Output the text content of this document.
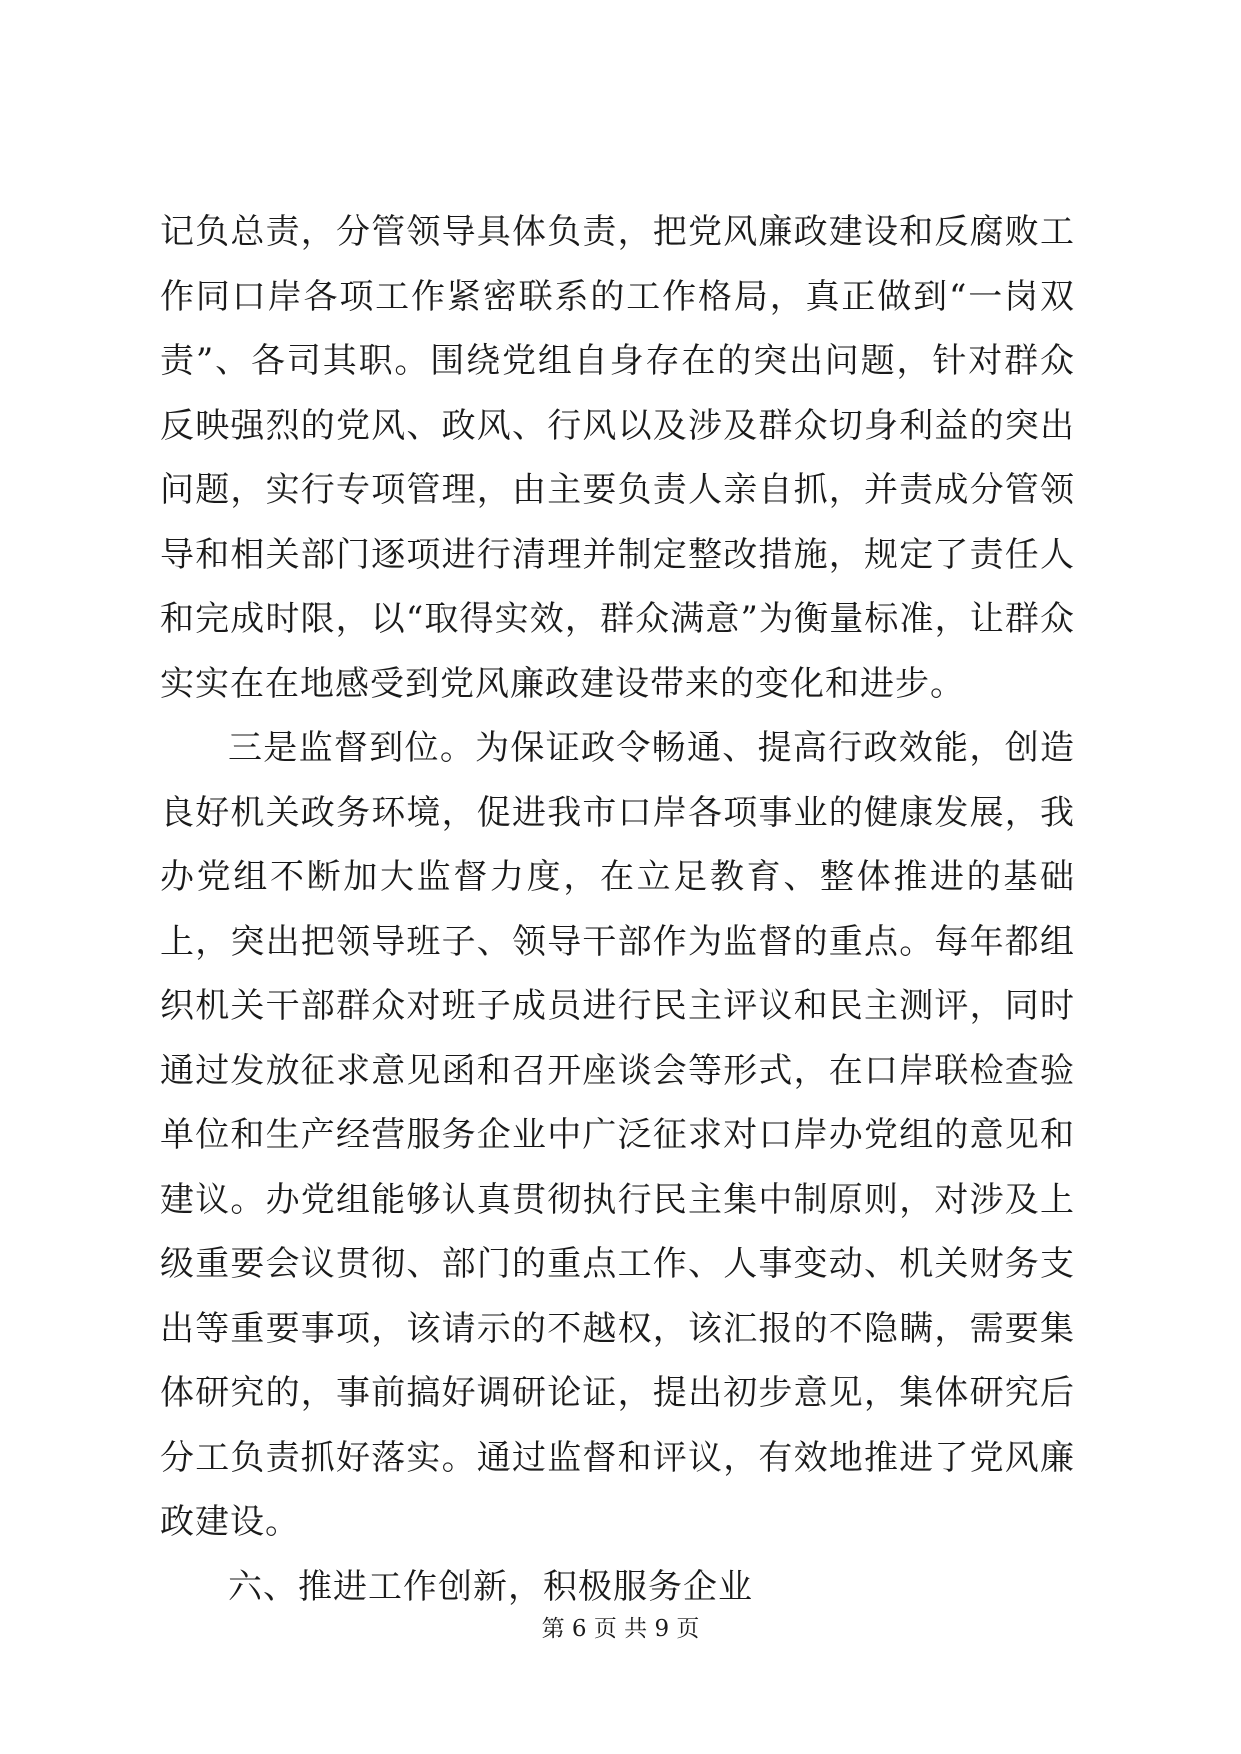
记负总责，分管领导具体负责，把党风廉政建设和反腐败工作同口岸各项工作紧密联系的工作格局，真正做到“一岗双责”、各司其职。围绕党组自身存在的突出问题，针对群众反映强烈的党风、政风、行风以及涉及群众切身利益的突出问题，实行专项管理，由主要负责人亲自抓，并责成分管领导和相关部门逐项进行清理并制定整改措施，规定了责任人和完成时限，以“取得实效，群众满意”为衡量标准，让群众实实在在地感受到党风廉政建设带来的变化和进步。

三是监督到位。为保证政令畅通、提高行政效能，创造良好机关政务环境，促进我市口岸各项事业的健康发展，我办党组不断加大监督力度，在立足教育、整体推进的基础上，突出把领导班子、领导干部作为监督的重点。每年都组织机关干部群众对班子成员进行民主评议和民主测评，同时通过发放征求意见函和召开座谈会等形式，在口岸联检查验单位和生产经营服务企业中广泛征求对口岸办党组的意见和建议。办党组能够认真贯彻执行民主集中制原则，对涉及上级重要会议贯彻、部门的重点工作、人事变动、机关财务支出等重要事项，该请示的不越权，该汇报的不隐瞒，需要集体研究的，事前搞好调研论证，提出初步意见，集体研究后分工负责抓好落实。通过监督和评议，有效地推进了党风廉政建设。

六、推进工作创新，积极服务企业

第 6 页 共 9 页
